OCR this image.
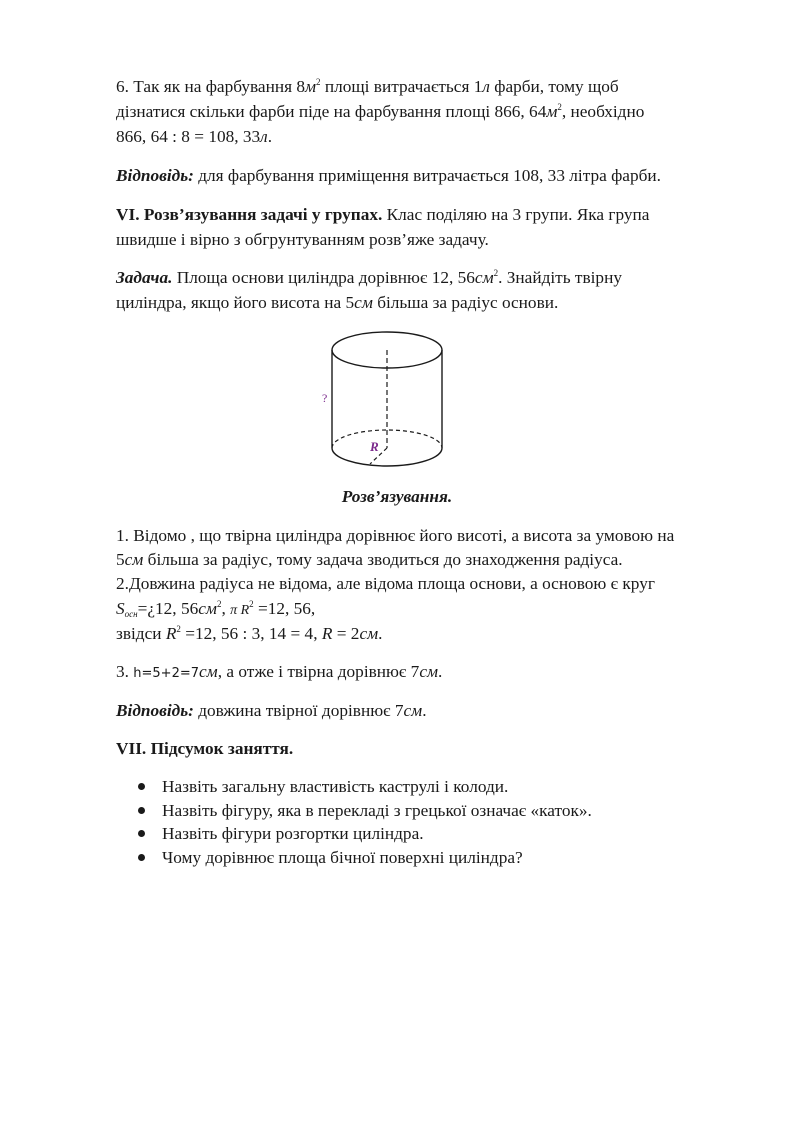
6. Так як на фарбування $8м^2$ площі витрачається 1л фарби, тому щоб
дізнатися скільки фарби піде на фарбування площі 866, $64м^2$, необхідно
866, 64 : 8 = 108, 33л.
Відповідь: для фарбування приміщення витрачається 108, 33 літра фарби.
VI. Розв’язування задачі у групах. Клас поділяю на 3 групи. Яка група
швидше і вірно з обгрунтуванням розв’яже задачу.
Задача. Площа основи циліндра дорівнює 12, $56см^2$. Знайдіть твірну
циліндра, якщо його висота на 5см більша за радіус основи.
?
R
Розв’язування.
1. Відомо , що твірна циліндра дорівнює його висоті, а висота за умовою на
5см більша за радіус, тому задача зводиться до знаходження радіуса.
2.Довжина радіуса не відома, але відома площа основи, а основою є круг
$S_{осн}=¿12$, $56см^2$, π $R^2 =12$, 56,
звідси $R^2 =12$, 56 : 3, 14 = 4, R = 2см.
3. h=5+2=7см, а отже і твірна дорівнює 7см.
Відповідь: довжина твірної дорівнює 7см.
VII. Підсумок заняття.
Назвіть загальну властивість каструлі і колоди.
Назвіть фігуру, яка в перекладі з грецької означає «каток».
Назвіть фігури розгортки циліндра.
Чому дорівнює площа бічної поверхні циліндра?
